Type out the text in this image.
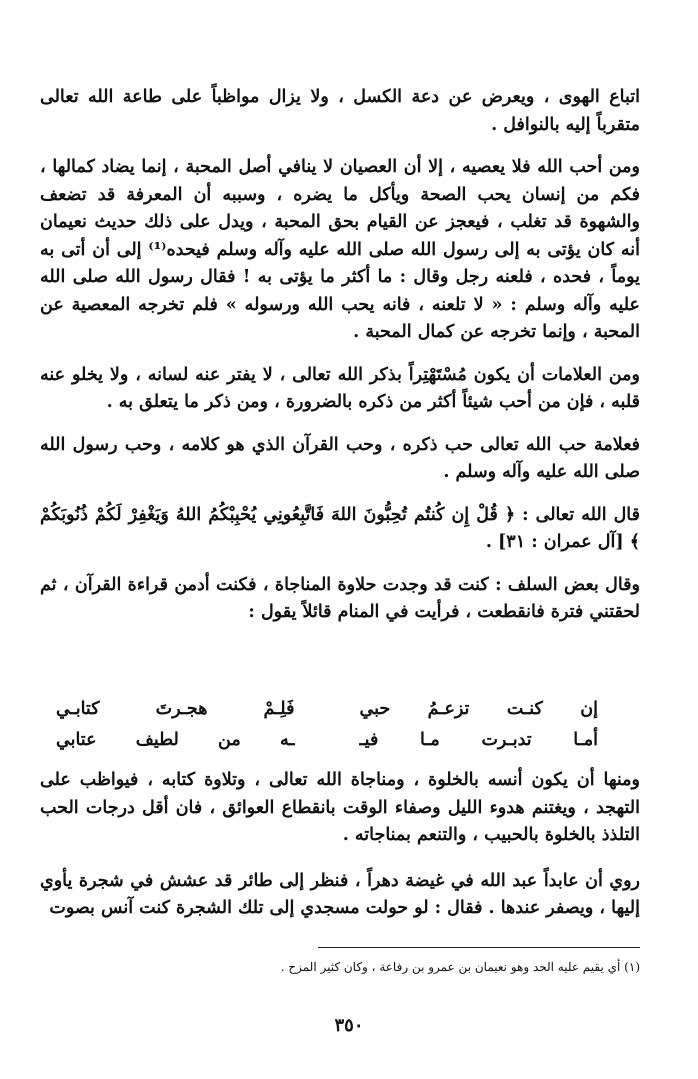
اتباع الهوى ، ويعرض عن دعة الكسل ، ولا يزال مواظباً على طاعة الله تعالى متقرباً إليه بالنوافل .

ومن أحب الله فلا يعصيه ، إلا أن العصيان لا ينافي أصل المحبة ، إنما يضاد كمالها ، فكم من إنسان يحب الصحة ويأكل ما يضره ، وسببه أن المعرفة قد تضعف والشهوة قد تغلب ، فيعجز عن القيام بحق المحبة ، ويدل على ذلك حديث نعيمان أنه كان يؤتى به إلى رسول الله صلى الله عليه وآله وسلم فيحده⁽¹⁾ إلى أن أتى به يوماً ، فحده ، فلعنه رجل وقال : ما أكثر ما يؤتى به ! فقال رسول الله صلى الله عليه وآله وسلم : « لا تلعنه ، فانه يحب الله ورسوله » فلم تخرجه المعصية عن المحبة ، وإنما تخرجه عن كمال المحبة .

ومن العلامات أن يكون مُسْتَهْتِراً بذكر الله تعالى ، لا يفتر عنه لسانه ، ولا يخلو عنه قلبه ، فإن من أحب شيئاً أكثر من ذكره بالضرورة ، ومن ذكر ما يتعلق به .

فعلامة حب الله تعالى حب ذكره ، وحب القرآن الذي هو كلامه ، وحب رسول الله صلى الله عليه وآله وسلم .

قال الله تعالى : ﴿ قُلْ إِن كُنتُم تُحِبُّونَ اللهَ فَاتَّبِعُونِي يُحْبِبْكُمُ اللهُ وَيَغْفِرْ لَكُمْ ذُنُوبَكُمْ ﴾ [آل عمران : ٣١] .

وقال بعض السلف : كنت قد وجدت حلاوة المناجاة ، فكنت أدمن قراءة القرآن ، ثم لحقتني فترة فانقطعت ، فرأيت في المنام قائلاً يقول :

إن كنـت تزعـمُ حبي
فَلِـمْ هجـرتَ كتابـي
أمـا تدبـرت مـا فيـ
ـه من لطيف عتابي

ومنها أن يكون أنسه بالخلوة ، ومناجاة الله تعالى ، وتلاوة كتابه ، فيواظب على التهجد ، ويغتنم هدوء الليل وصفاء الوقت بانقطاع العوائق ، فان أقل درجات الحب التلذذ بالخلوة بالحبيب ، والتنعم بمناجاته .

روي أن عابداً عبد الله في غيضة دهراً ، فنظر إلى طائر قد عشش في شجرة يأوي إليها ، ويصفر عندها . فقال : لو حولت مسجدي إلى تلك الشجرة كنت آنس بصوت

(١) أي يقيم عليه الحد وهو نعيمان بن عمرو بن رفاعة ، وكان كثير المزح .
٣٥٠
